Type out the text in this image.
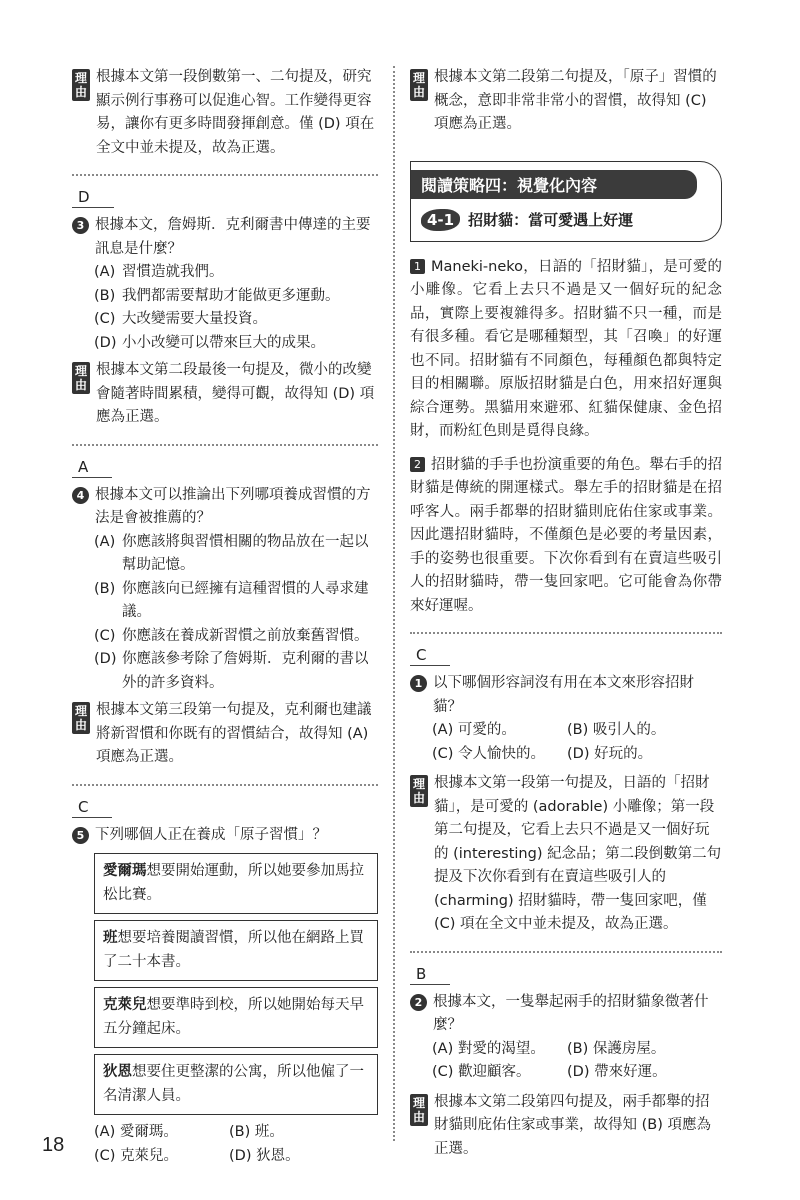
理由
根據本文第一段倒數第一、二句提及，研究顯示例行事務可以促進心智。工作變得更容易，讓你有更多時間發揮創意。僅 (D) 項在全文中並未提及，故為正選。
D
3 根據本文，詹姆斯．克利爾書中傳達的主要訊息是什麼？
(A) 習慣造就我們。
(B) 我們都需要幫助才能做更多運動。
(C) 大改變需要大量投資。
(D) 小小改變可以帶來巨大的成果。
理由
根據本文第二段最後一句提及，微小的改變會隨著時間累積，變得可觀，故得知 (D) 項應為正選。
A
4 根據本文可以推論出下列哪項養成習慣的方法是會被推薦的？
(A) 你應該將與習慣相關的物品放在一起以幫助記憶。
(B) 你應該向已經擁有這種習慣的人尋求建議。
(C) 你應該在養成新習慣之前放棄舊習慣。
(D) 你應該參考除了詹姆斯．克利爾的書以外的許多資料。
理由
根據本文第三段第一句提及，克利爾也建議將新習慣和你既有的習慣結合，故得知 (A) 項應為正選。
C
5 下列哪個人正在養成「原子習慣」？
愛爾瑪想要開始運動，所以她要參加馬拉松比賽。
班想要培養閱讀習慣，所以他在網路上買了二十本書。
克萊兒想要準時到校，所以她開始每天早五分鐘起床。
狄恩想要住更整潔的公寓，所以他僱了一名清潔人員。
(A) 愛爾瑪。	(B) 班。
(C) 克萊兒。	(D) 狄恩。
理由
根據本文第二段第二句提及，「原子」習慣的概念，意即非常非常小的習慣，故得知 (C) 項應為正選。
閱讀策略四：視覺化內容
4-1 招財貓：當可愛遇上好運
1 Maneki-neko，日語的「招財貓」，是可愛的小雕像。它看上去只不過是又一個好玩的紀念品，實際上要複雜得多。招財貓不只一種，而是有很多種。看它是哪種類型，其「召喚」的好運也不同。招財貓有不同顏色，每種顏色都與特定目的相關聯。原版招財貓是白色，用來招好運與綜合運勢。黑貓用來避邪、紅貓保健康、金色招財，而粉紅色則是覓得良緣。
2 招財貓的手手也扮演重要的角色。舉右手的招財貓是傳統的開運樣式。舉左手的招財貓是在招呼客人。兩手都舉的招財貓則庇佑住家或事業。因此選招財貓時，不僅顏色是必要的考量因素，手的姿勢也很重要。下次你看到有在賣這些吸引人的招財貓時，帶一隻回家吧。它可能會為你帶來好運喔。
C
1 以下哪個形容詞沒有用在本文來形容招財貓？
(A) 可愛的。	(B) 吸引人的。
(C) 令人愉快的。	(D) 好玩的。
理由
根據本文第一段第一句提及，日語的「招財貓」，是可愛的 (adorable) 小雕像；第一段第二句提及，它看上去只不過是又一個好玩的 (interesting) 紀念品；第二段倒數第二句提及下次你看到有在賣這些吸引人的 (charming) 招財貓時，帶一隻回家吧，僅 (C) 項在全文中並未提及，故為正選。
B
2 根據本文，一隻舉起兩手的招財貓象徵著什麼？
(A) 對愛的渴望。	(B) 保護房屋。
(C) 歡迎顧客。	(D) 帶來好運。
理由
根據本文第二段第四句提及，兩手都舉的招財貓則庇佑住家或事業，故得知 (B) 項應為正選。
18
